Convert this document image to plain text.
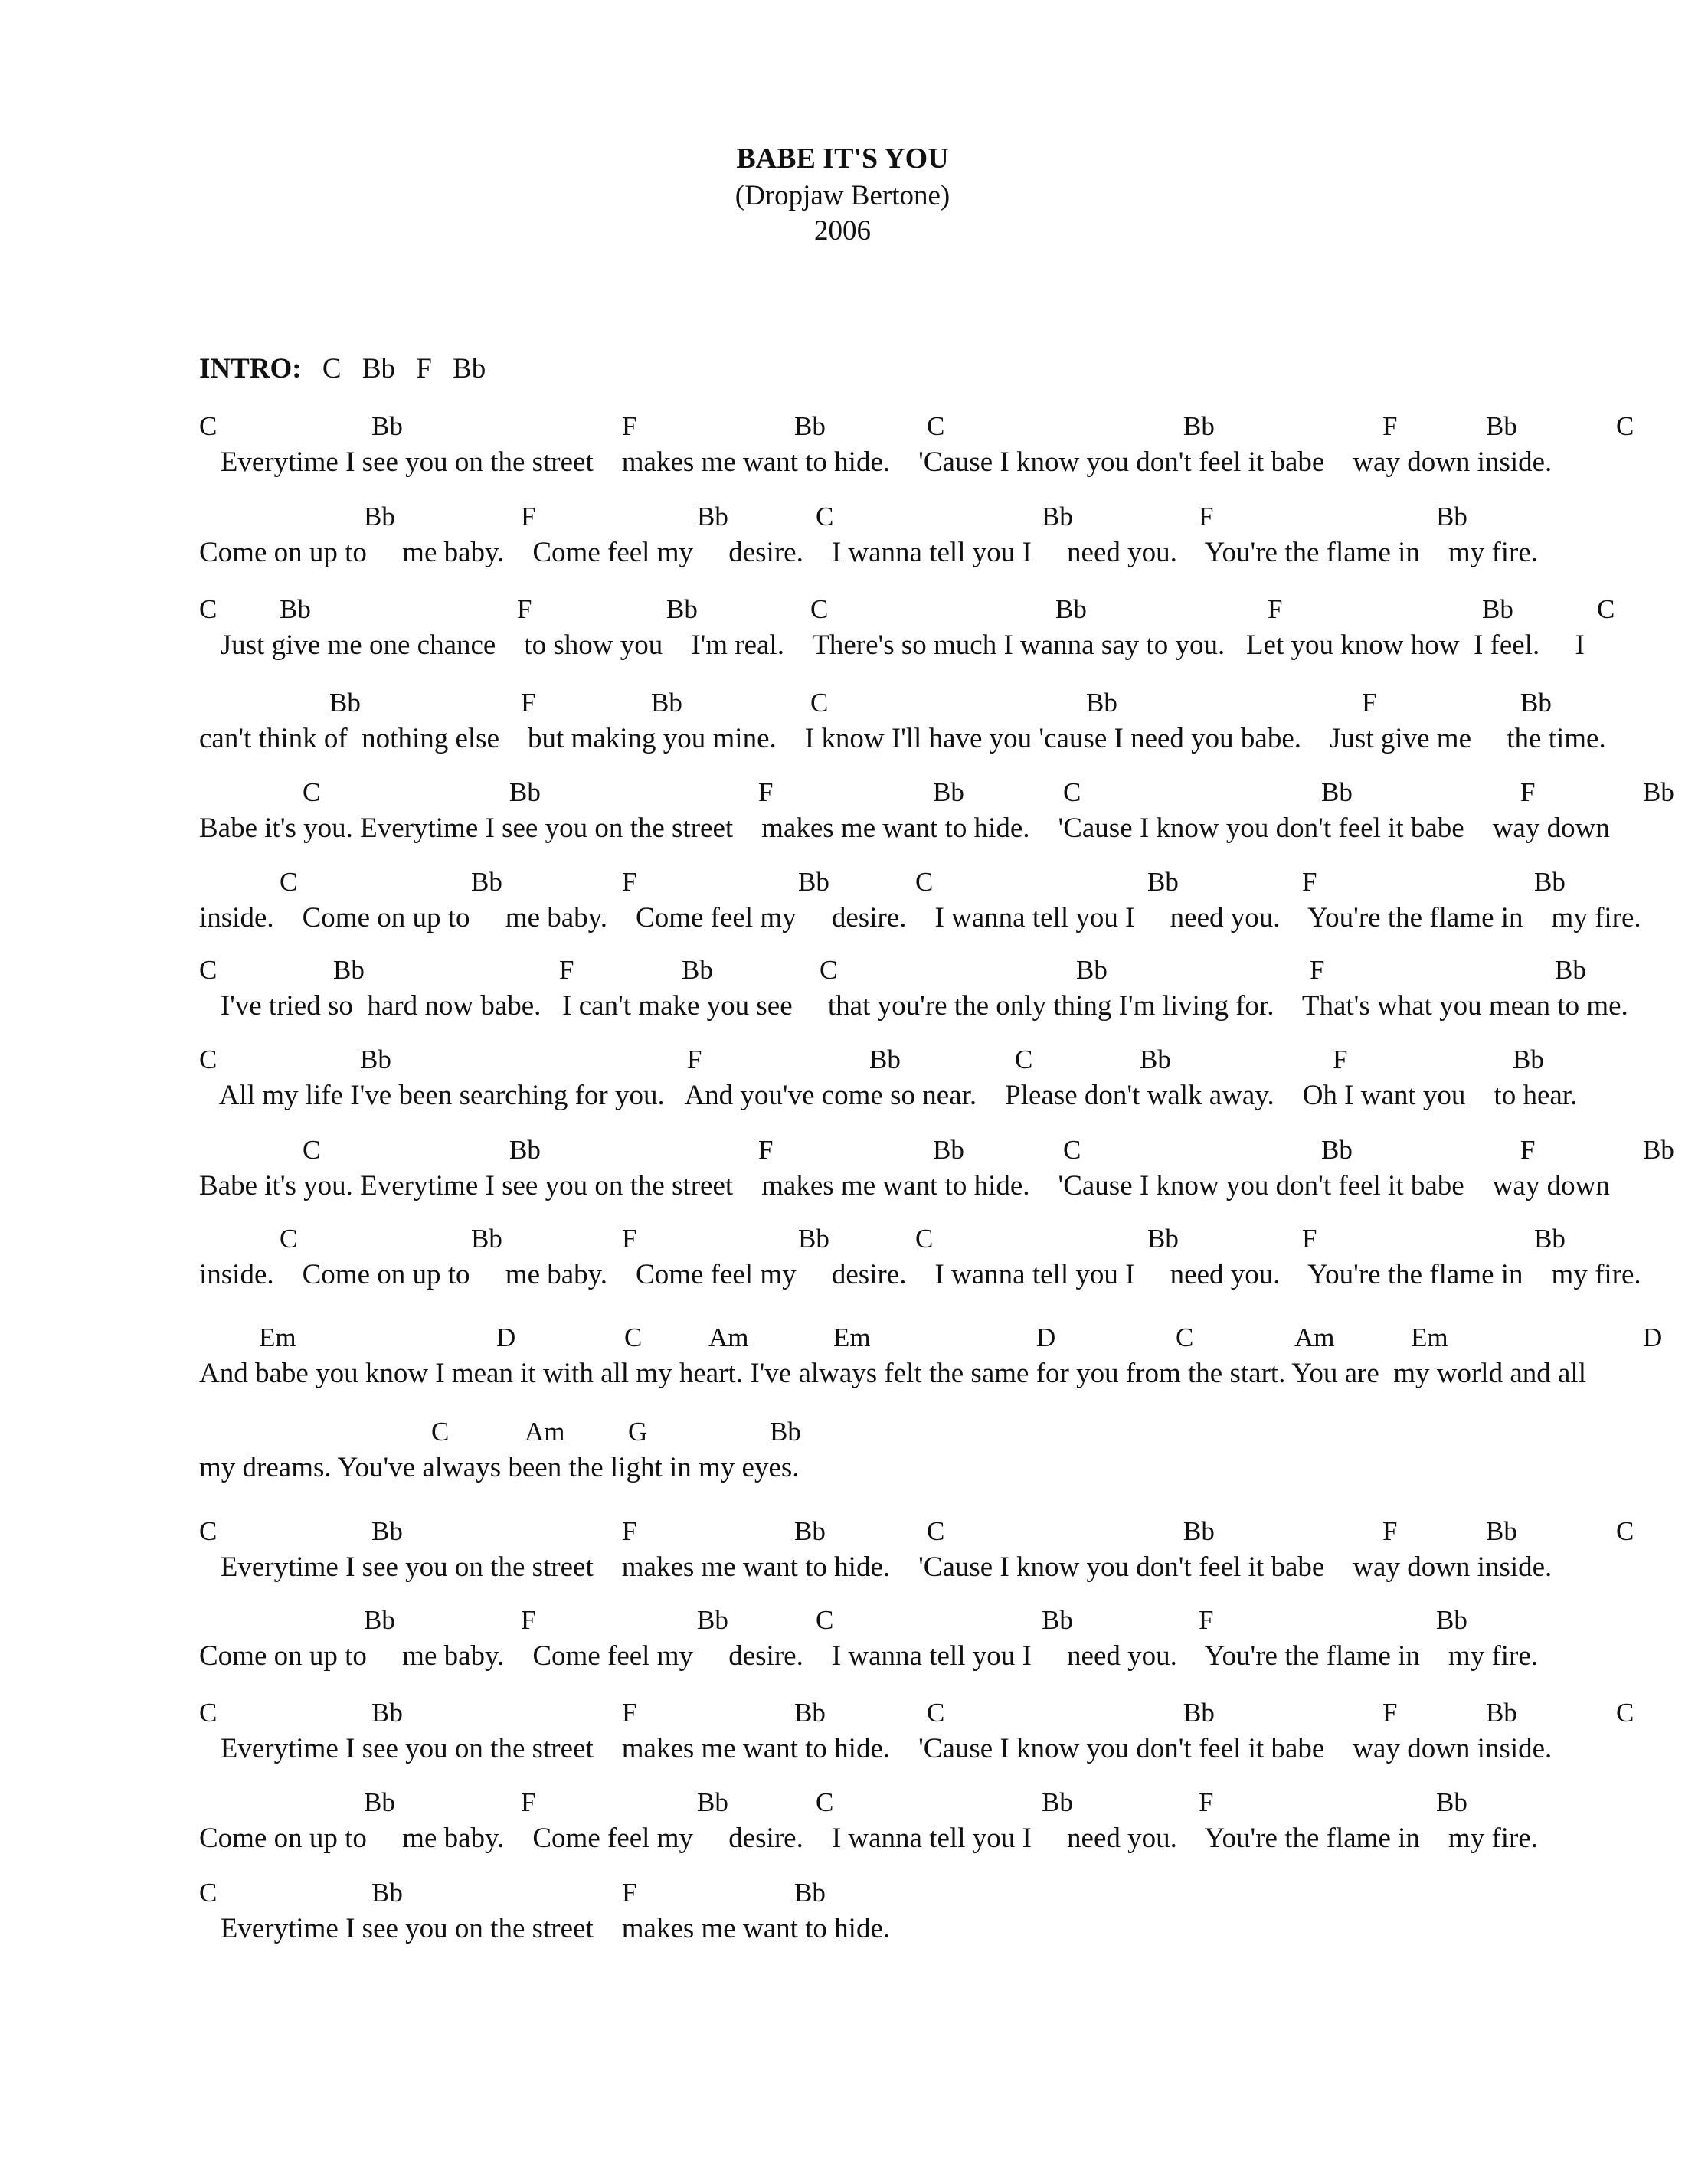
BABE IT'S YOU
(Dropjaw Bertone)
2006
INTRO: C Bb F Bb
C	Bb	F	Bb	C	Bb	F	Bb	C
Everytime I see you on the street    makes me want to hide.    'Cause I know you don't feel it babe    way down inside.
Bb	F	Bb	C	Bb	F	Bb
Come on up to     me baby.    Come feel my     desire.    I wanna tell you I     need you.    You're the flame in    my fire.
C Bb	F	Bb	C	Bb	F	Bb	C
Just give me one chance    to show you    I'm real.    There's so much I wanna say to you.   Let you know how  I feel.     I
Bb	F	Bb	C	Bb	F	Bb
can't think of  nothing else    but making you mine.    I know I'll have you 'cause I need you babe.    Just give me     the time.
C	Bb	F	Bb	C	Bb	F	Bb
Babe it's you. Everytime I see you on the street    makes me want to hide.    'Cause I know you don't feel it babe    way down
C	Bb	F	Bb	C	Bb	F	Bb
inside.    Come on up to     me baby.    Come feel my     desire.    I wanna tell you I     need you.    You're the flame in    my fire.
C	Bb	F	Bb	C	Bb	F	Bb
I've tried so  hard now babe.   I can't make you see     that you're the only thing I'm living for.    That's what you mean to me.
C	Bb	F	Bb	C	Bb	F	Bb
All my life I've been searching for you.   And you've come so near.    Please don't walk away.    Oh I want you    to hear.
C	Bb	F	Bb	C	Bb	F	Bb
Babe it's you. Everytime I see you on the street    makes me want to hide.    'Cause I know you don't feel it babe    way down
C	Bb	F	Bb	C	Bb	F	Bb
inside.    Come on up to     me baby.    Come feel my     desire.    I wanna tell you I     need you.    You're the flame in    my fire.
Em	D	C Am	Em	D	C	Am	Em	D
And babe you know I mean it with all my heart. I've always felt the same for you from the start. You are  my world and all
C	Am G	Bb
my dreams. You've always been the light in my eyes.
C	Bb	F	Bb	C	Bb	F	Bb	C
Everytime I see you on the street    makes me want to hide.    'Cause I know you don't feel it babe    way down inside.
Bb	F	Bb	C	Bb	F	Bb
Come on up to     me baby.    Come feel my     desire.    I wanna tell you I     need you.    You're the flame in    my fire.
C	Bb	F	Bb	C	Bb	F	Bb	C
Everytime I see you on the street    makes me want to hide.    'Cause I know you don't feel it babe    way down inside.
Bb	F	Bb	C	Bb	F	Bb
Come on up to     me baby.    Come feel my     desire.    I wanna tell you I     need you.    You're the flame in    my fire.
C	Bb	F	Bb
Everytime I see you on the street    makes me want to hide.
